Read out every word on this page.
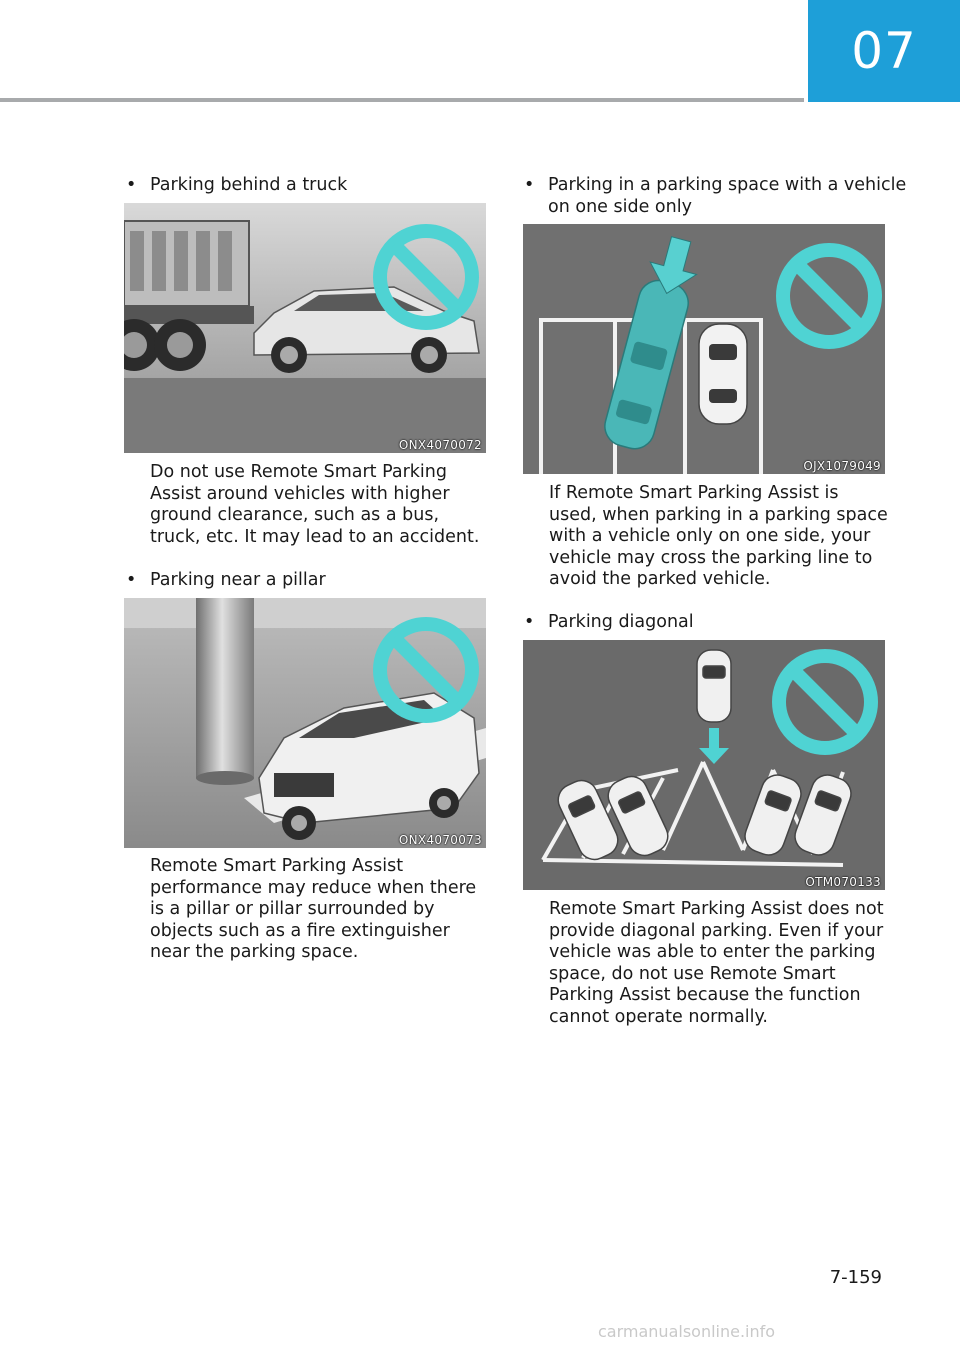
07
• Parking behind a truck
ONX4070072
Do not use Remote Smart Parking Assist around vehicles with higher ground clearance, such as a bus, truck, etc. It may lead to an accident.
• Parking near a pillar
ONX4070073
Remote Smart Parking Assist performance may reduce when there is a pillar or pillar surrounded by objects such as a fire extinguisher near the parking space.
• Parking in a parking space with a vehicle on one side only
OJX1079049
If Remote Smart Parking Assist is used, when parking in a parking space with a vehicle only on one side, your vehicle may cross the parking line to avoid the parked vehicle.
• Parking diagonal
OTM070133
Remote Smart Parking Assist does not provide diagonal parking. Even if your vehicle was able to enter the parking space, do not use Remote Smart Parking Assist because the function cannot operate normally.
7-159
carmanualsonline.info
